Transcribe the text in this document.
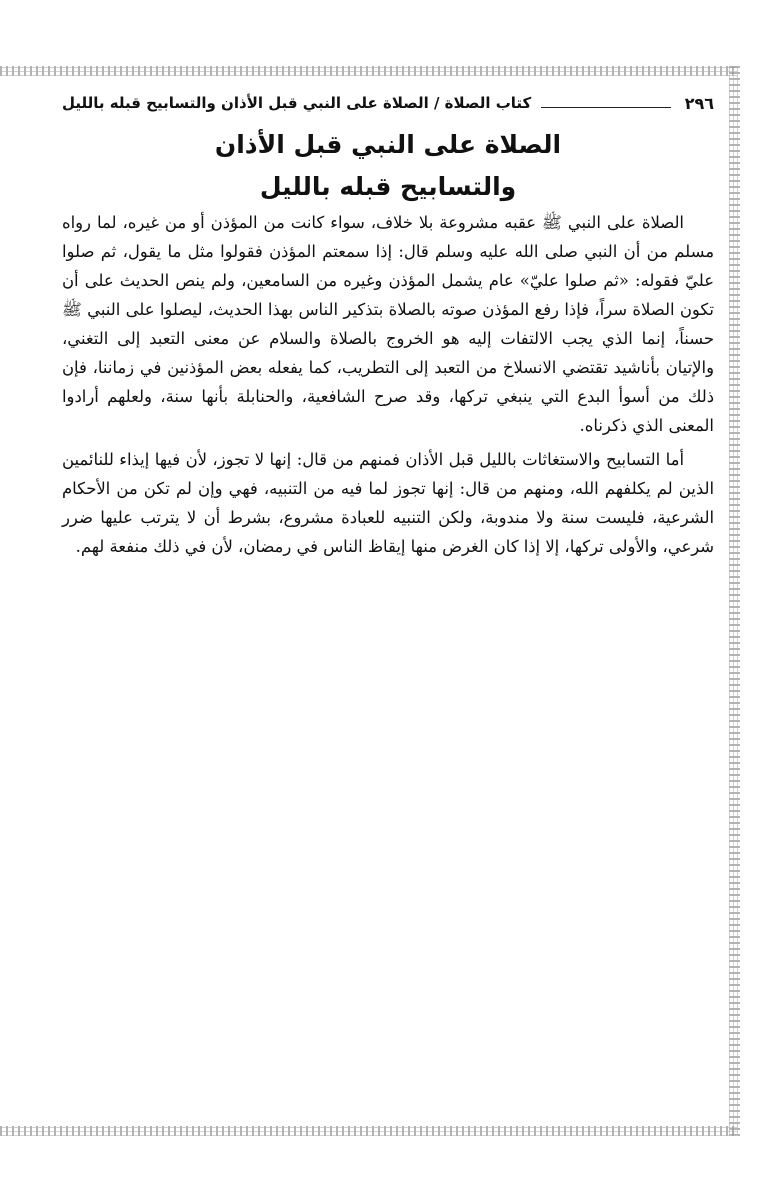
٢٩٦
كتاب الصلاة / الصلاة على النبي قبل الأذان والتسابيح قبله بالليل
الصلاة على النبي قبل الأذان
والتسابيح قبله بالليل

الصلاة على النبي ﷺ عقبه مشروعة بلا خلاف، سواء كانت من المؤذن أو من غيره، لما رواه مسلم من أن النبي صلى الله عليه وسلم قال: إذا سمعتم المؤذن فقولوا مثل ما يقول، ثم صلوا عليّ فقوله: «ثم صلوا عليّ» عام يشمل المؤذن وغيره من السامعين، ولم ينص الحديث على أن تكون الصلاة سراً، فإذا رفع المؤذن صوته بالصلاة بتذكير الناس بهذا الحديث، ليصلوا على النبي ﷺ حسناً، إنما الذي يجب الالتفات إليه هو الخروج بالصلاة والسلام عن معنى التعبد إلى التغني، والإتيان بأناشيد تقتضي الانسلاخ من التعبد إلى التطريب، كما يفعله بعض المؤذنين في زماننا، فإن ذلك من أسوأ البدع التي ينبغي تركها، وقد صرح الشافعية، والحنابلة بأنها سنة، ولعلهم أرادوا المعنى الذي ذكرناه.

أما التسابيح والاستغاثات بالليل قبل الأذان فمنهم من قال: إنها لا تجوز، لأن فيها إيذاء للنائمين الذين لم يكلفهم الله، ومنهم من قال: إنها تجوز لما فيه من التنبيه، فهي وإن لم تكن من الأحكام الشرعية، فليست سنة ولا مندوبة، ولكن التنبيه للعبادة مشروع، بشرط أن لا يترتب عليها ضرر شرعي، والأولى تركها، إلا إذا كان الغرض منها إيقاظ الناس في رمضان، لأن في ذلك منفعة لهم.
